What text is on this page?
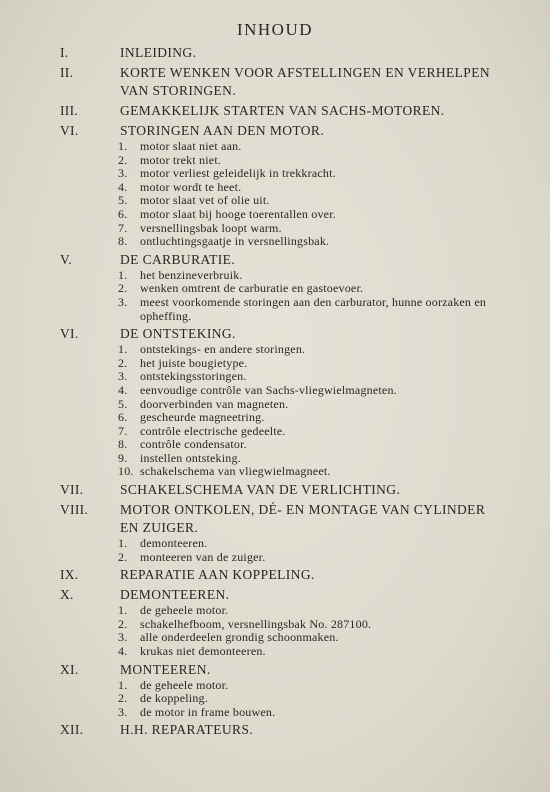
INHOUD
I.	INLEIDING.
II.	KORTE WENKEN VOOR AFSTELLINGEN EN VERHELPEN VAN STORINGEN.
III.	GEMAKKELIJK STARTEN VAN SACHS-MOTOREN.
VI.	STORINGEN AAN DEN MOTOR.
1.	motor slaat niet aan.
2.	motor trekt niet.
3.	motor verliest geleidelijk in trekkracht.
4.	motor wordt te heet.
5.	motor slaat vet of olie uit.
6.	motor slaat bij hooge toerentallen over.
7.	versnellingsbak loopt warm.
8.	ontluchtingsgaatje in versnellingsbak.
V.	DE CARBURATIE.
1.	het benzineverbruik.
2.	wenken omtrent de carburatie en gastoevoer.
3.	meest voorkomende storingen aan den carburator, hunne oorzaken en opheffing.
VI.	DE ONTSTEKING.
1.	ontstekings- en andere storingen.
2.	het juiste bougietype.
3.	ontstekingsstoringen.
4.	eenvoudige contrôle van Sachs-vliegwielmagneten.
5.	doorverbinden van magneten.
6.	gescheurde magneetring.
7.	contrôle electrische gedeelte.
8.	contrôle condensator.
9.	instellen ontsteking.
10. schakelschema van vliegwielmagneet.
VII.	SCHAKELSCHEMA VAN DE VERLICHTING.
VIII.	MOTOR ONTKOLEN, DÉ- EN MONTAGE VAN CYLINDER EN ZUIGER.
1.	demonteeren.
2.	monteeren van de zuiger.
IX.	REPARATIE AAN KOPPELING.
X.	DEMONTEEREN.
1.	de geheele motor.
2.	schakelhefboom, versnellingsbak No. 287100.
3.	alle onderdeelen grondig schoonmaken.
4.	krukas niet demonteeren.
XI.	MONTEEREN.
1.	de geheele motor.
2.	de koppeling.
3.	de motor in frame bouwen.
XII.	H.H. REPARATEURS.
